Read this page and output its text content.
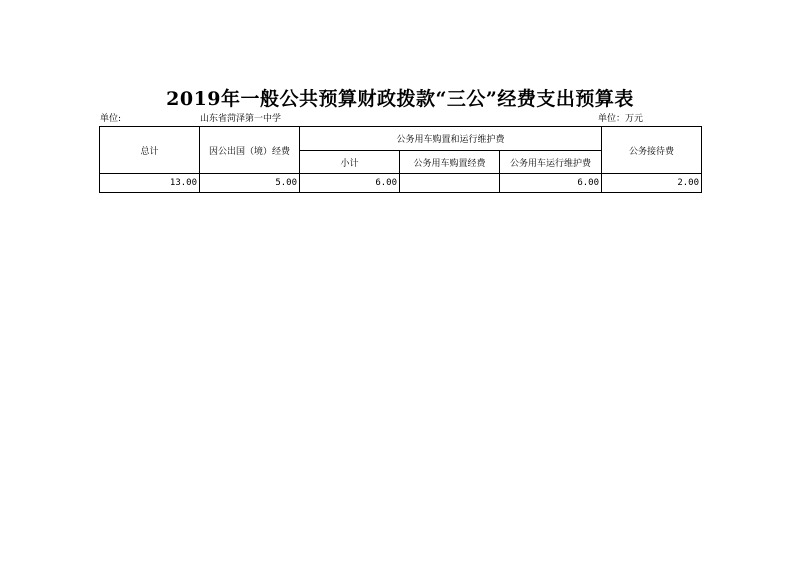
2019年一般公共预算财政拨款“三公”经费支出预算表
单位:	山东省菏泽第一中学	单位：万元
总计	因公出国（境）经费	公务用车购置和运行维护费			公务接待费
		小计	公务用车购置经费	公务用车运行维护费	
13.00	5.00	6.00		6.00	2.00
